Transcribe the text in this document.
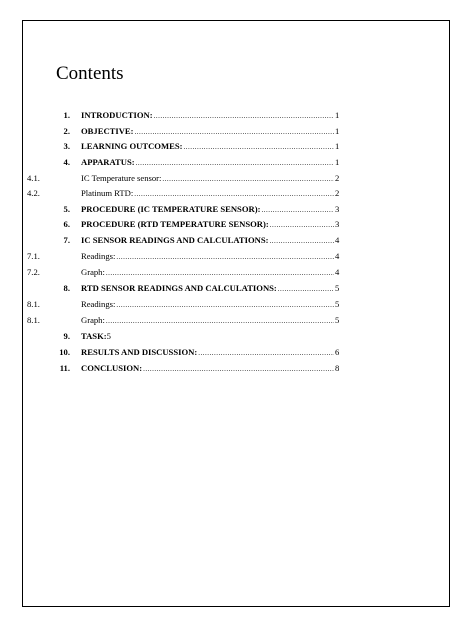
Contents
1. INTRODUCTION: .....	1
2. OBJECTIVE: .....	1
3. LEARNING OUTCOMES: .....	1
4. APPARATUS: .....	1
4.1.	IC Temperature sensor: .....	2
4.2.	Platinum RTD: .....	2
5. PROCEDURE (IC TEMPERATURE SENSOR): .....	3
6. PROCEDURE (RTD TEMPERATURE SENSOR): .....	3
7. IC SENSOR READINGS AND CALCULATIONS: .....	4
7.1.	Readings: .....	4
7.2.	Graph: .....	4
8. RTD SENSOR READINGS AND CALCULATIONS: .....	5
8.1.	Readings: .....	5
8.1.	Graph: .....	5
9. TASK: 5
10. RESULTS AND DISCUSSION: .....	6
11. CONCLUSION: .....	8
